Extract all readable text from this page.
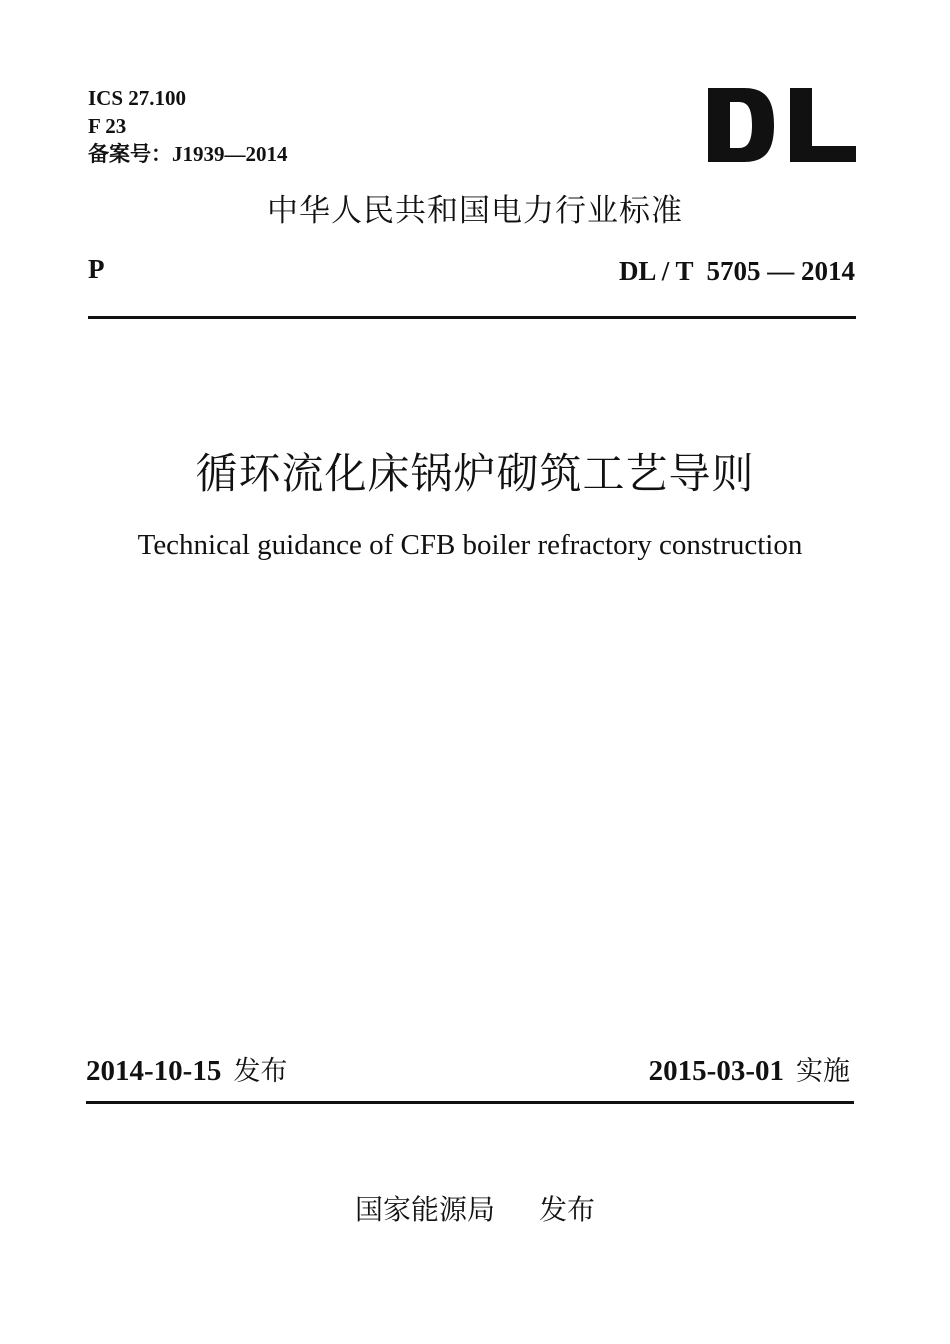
ICS 27.100
F 23
备案号：J1939—2014
中华人民共和国电力行业标准
P	DL / T  5705 — 2014
循环流化床锅炉砌筑工艺导则
Technical guidance of CFB boiler refractory construction
2014-10-15 发布	2015-03-01 实施
国家能源局 发布
